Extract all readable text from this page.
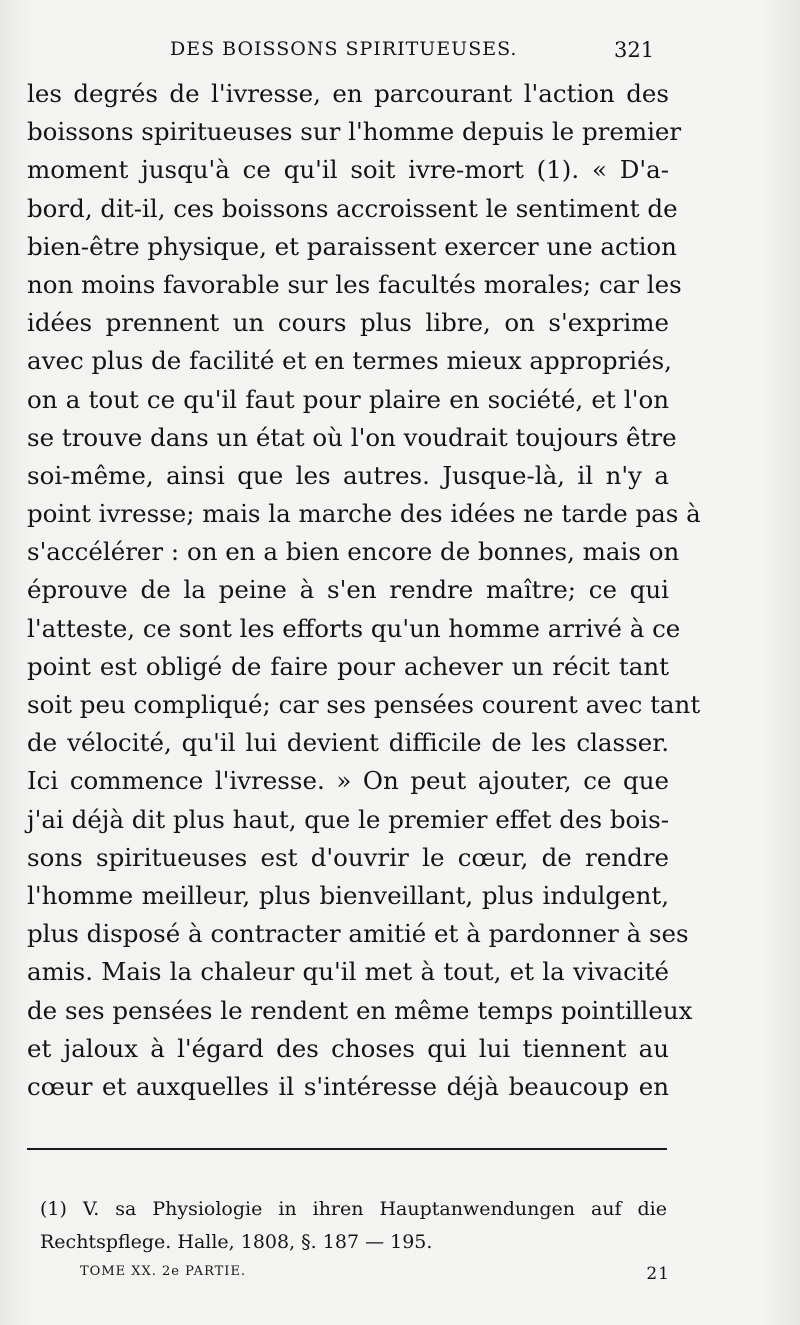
DES BOISSONS SPIRITUEUSES.	321
les degrés de l'ivresse, en parcourant l'action des
boissons spiritueuses sur l'homme depuis le premier
moment jusqu'à ce qu'il soit ivre-mort (1). « D'a-
bord, dit-il, ces boissons accroissent le sentiment de
bien-être physique, et paraissent exercer une action
non moins favorable sur les facultés morales; car les
idées prennent un cours plus libre, on s'exprime
avec plus de facilité et en termes mieux appropriés,
on a tout ce qu'il faut pour plaire en société, et l'on
se trouve dans un état où l'on voudrait toujours être
soi-même, ainsi que les autres. Jusque-là, il n'y a
point ivresse; mais la marche des idées ne tarde pas à
s'accélérer : on en a bien encore de bonnes, mais on
éprouve de la peine à s'en rendre maître; ce qui
l'atteste, ce sont les efforts qu'un homme arrivé à ce
point est obligé de faire pour achever un récit tant
soit peu compliqué; car ses pensées courent avec tant
de vélocité, qu'il lui devient difficile de les classer.
Ici commence l'ivresse. » On peut ajouter, ce que
j'ai déjà dit plus haut, que le premier effet des bois-
sons spiritueuses est d'ouvrir le cœur, de rendre
l'homme meilleur, plus bienveillant, plus indulgent,
plus disposé à contracter amitié et à pardonner à ses
amis. Mais la chaleur qu'il met à tout, et la vivacité
de ses pensées le rendent en même temps pointilleux
et jaloux à l'égard des choses qui lui tiennent au
cœur et auxquelles il s'intéresse déjà beaucoup en
(1) V. sa Physiologie in ihren Hauptanwendungen auf die
Rechtspflege. Halle, 1808, §. 187 — 195.
TOME XX. 2e PARTIE.	21
